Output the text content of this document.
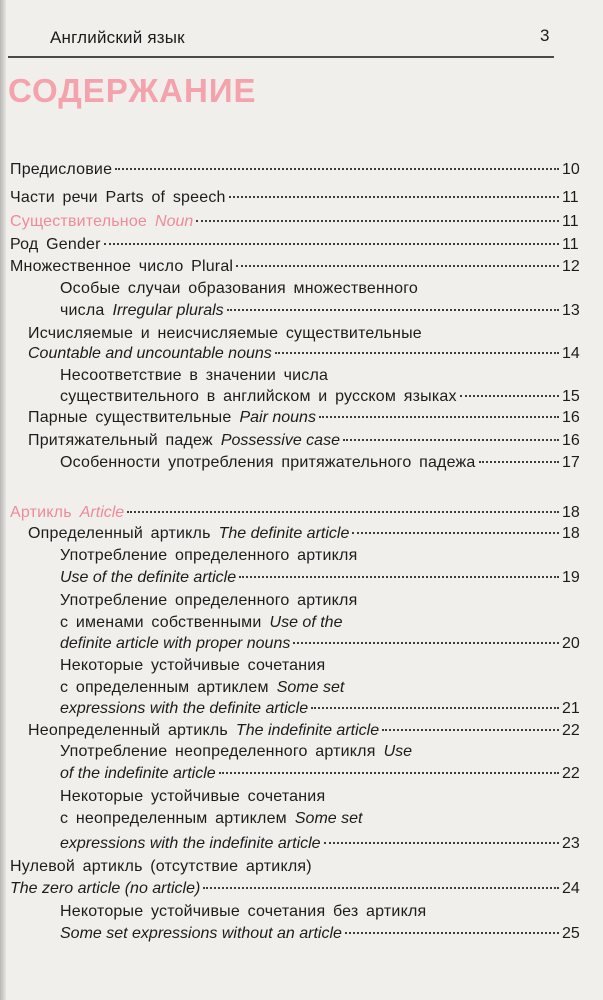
Английский язык	3
СОДЕРЖАНИЕ
Предисловие	10
Части речи Parts of speech	11
Существительное Noun	11
Род Gender	11
Множественное число Plural	12
Особые случаи образования множественного
числа Irregular plurals	13
Исчисляемые и неисчисляемые существительные
Countable and uncountable nouns	14
Несоответствие в значении числа
существительного в английском и русском языках	15
Парные существительные Pair nouns	16
Притяжательный падеж Possessive case	16
Особенности употребления притяжательного падежа	17
Артикль Article	18
Определенный артикль The definite article	18
Употребление определенного артикля
Use of the definite article	19
Употребление определенного артикля
с именами собственными Use of the
definite article with proper nouns	20
Некоторые устойчивые сочетания
с определенным артиклем Some set
expressions with the definite article	21
Неопределенный артикль The indefinite article	22
Употребление неопределенного артикля Use
of the indefinite article	22
Некоторые устойчивые сочетания
с неопределенным артиклем Some set
expressions with the indefinite article	23
Нулевой артикль (отсутствие артикля)
The zero article (no article)	24
Некоторые устойчивые сочетания без артикля
Some set expressions without an article	25
